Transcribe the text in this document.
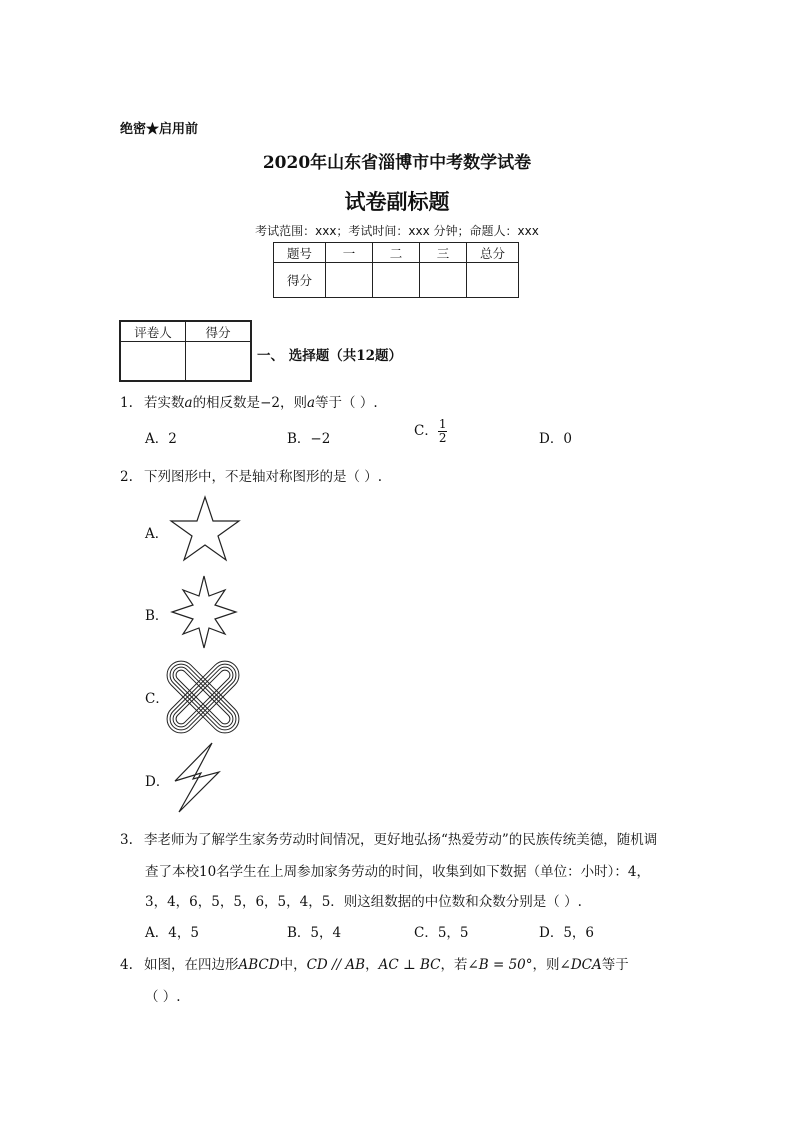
绝密★启用前
2020年山东省淄博市中考数学试卷
试卷副标题
考试范围：xxx；考试时间：xxx 分钟；命题人：xxx
题号	一	二	三	总分
得分				
评卷人	得分

一、 选择题（共12题）
1. 若实数a的相反数是−2，则a等于（ ）.
A．2	B．−2	C． $\frac{1}{2}$	D．0
2. 下列图形中，不是轴对称图形的是（ ）.
A．
B．
C．
D．
3. 李老师为了解学生家务劳动时间情况，更好地弘扬“热爱劳动”的民族传统美德，随机调
查了本校10名学生在上周参加家务劳动的时间，收集到如下数据（单位：小时）：4，
3，4，6，5，5，6，5，4，5．则这组数据的中位数和众数分别是（ ）.
A．4，5	B．5，4	C．5，5	D．5，6
4. 如图，在四边形ABCD中，CD // AB，AC ⊥ BC，若∠B = 50°，则∠DCA等于
（ ）.
